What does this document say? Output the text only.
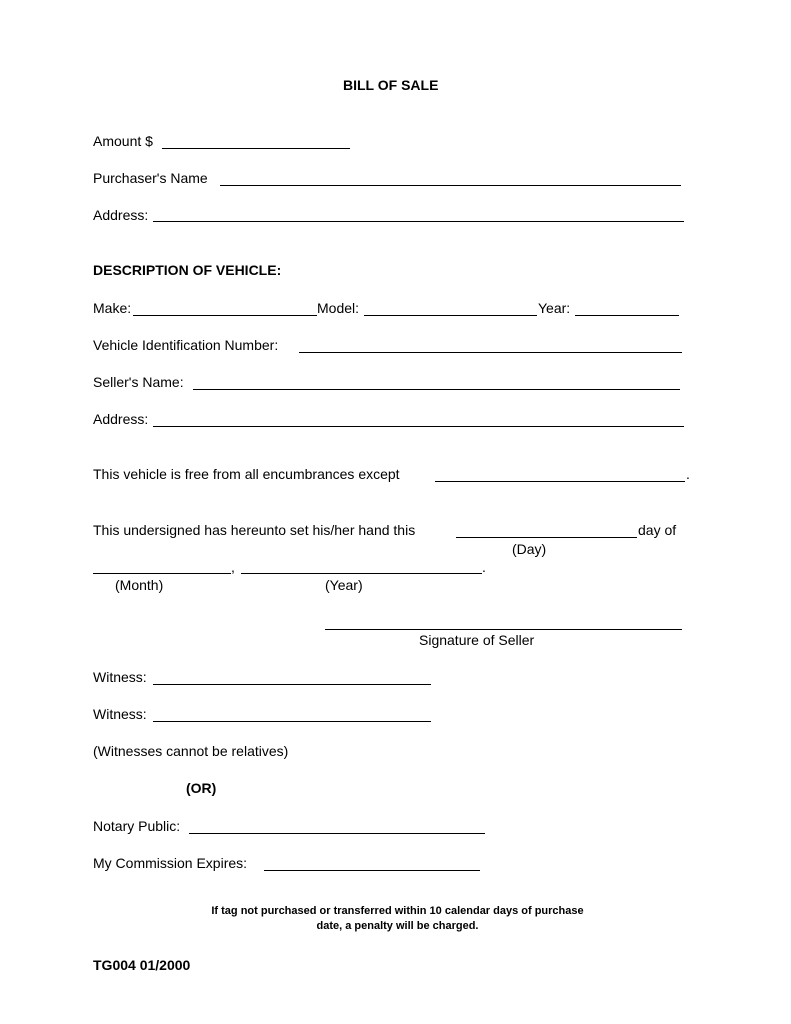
BILL OF SALE
Amount $
Purchaser's Name
Address:
DESCRIPTION OF VEHICLE:
Make:	Model:	Year:
Vehicle Identification Number:
Seller's Name:
Address:
This vehicle is free from all encumbrances except	.
This undersigned has hereunto set his/her hand this	day of
(Day)
,	.
(Month)	(Year)
Signature of Seller
Witness:
Witness:
(Witnesses cannot be relatives)
(OR)
Notary Public:
My Commission Expires:
If tag not purchased or transferred within 10 calendar days of purchase
date, a penalty will be charged.
TG004 01/2000
